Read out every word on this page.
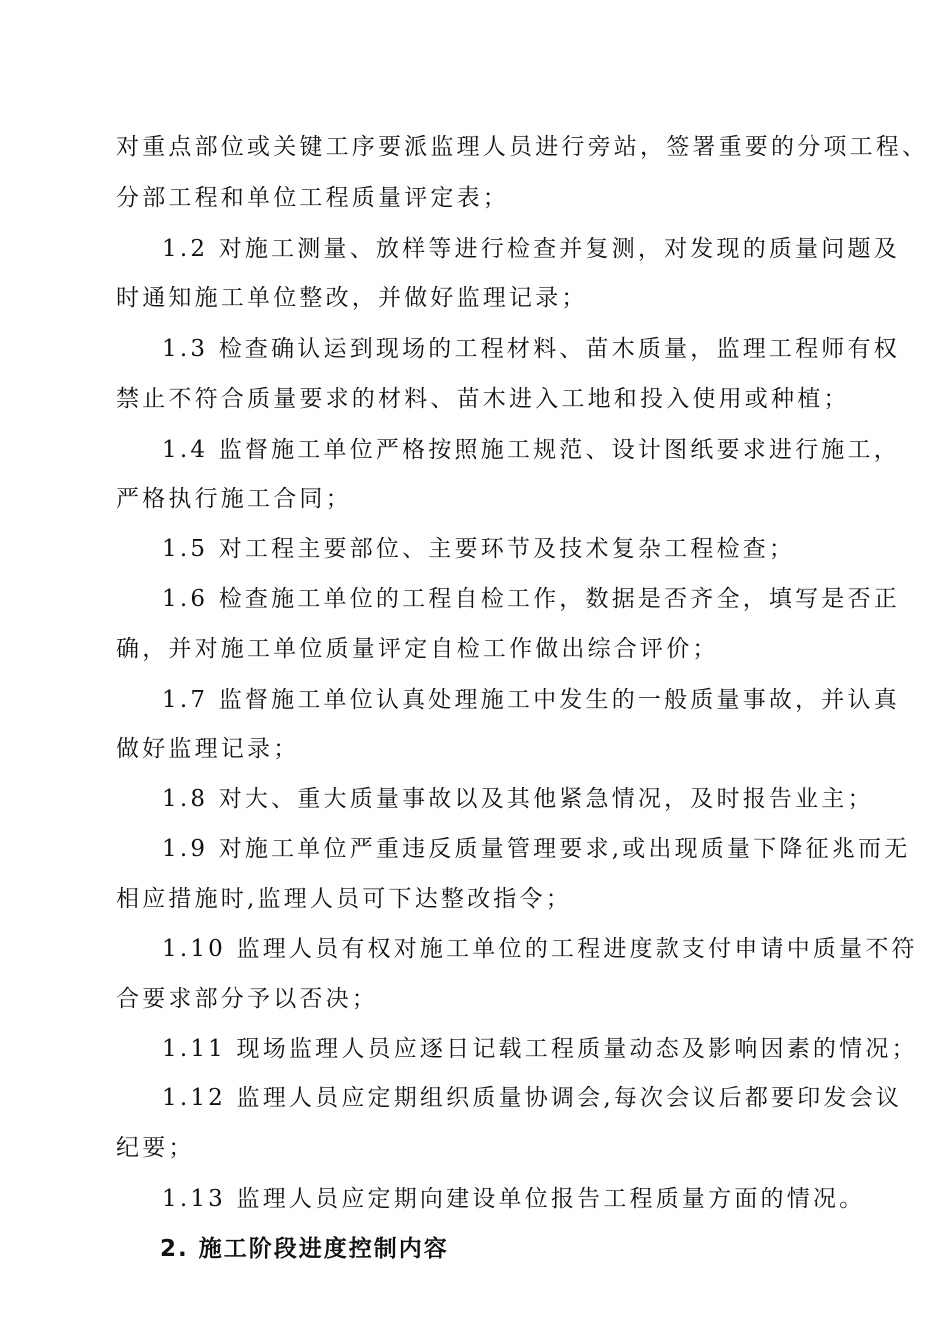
对重点部位或关键工序要派监理人员进行旁站，签署重要的分项工程、
分部工程和单位工程质量评定表；
1.2 对施工测量、放样等进行检查并复测，对发现的质量问题及
时通知施工单位整改，并做好监理记录；
1.3 检查确认运到现场的工程材料、苗木质量，监理工程师有权
禁止不符合质量要求的材料、苗木进入工地和投入使用或种植；
1.4 监督施工单位严格按照施工规范、设计图纸要求进行施工，
严格执行施工合同；
1.5 对工程主要部位、主要环节及技术复杂工程检查；
1.6 检查施工单位的工程自检工作，数据是否齐全，填写是否正
确，并对施工单位质量评定自检工作做出综合评价；
1.7 监督施工单位认真处理施工中发生的一般质量事故，并认真
做好监理记录；
1.8 对大、重大质量事故以及其他紧急情况，及时报告业主；
1.9 对施工单位严重违反质量管理要求,或出现质量下降征兆而无
相应措施时,监理人员可下达整改指令；
1.10 监理人员有权对施工单位的工程进度款支付申请中质量不符
合要求部分予以否决；
1.11 现场监理人员应逐日记载工程质量动态及影响因素的情况；
1.12 监理人员应定期组织质量协调会,每次会议后都要印发会议
纪要；
1.13 监理人员应定期向建设单位报告工程质量方面的情况。
2. 施工阶段进度控制内容
